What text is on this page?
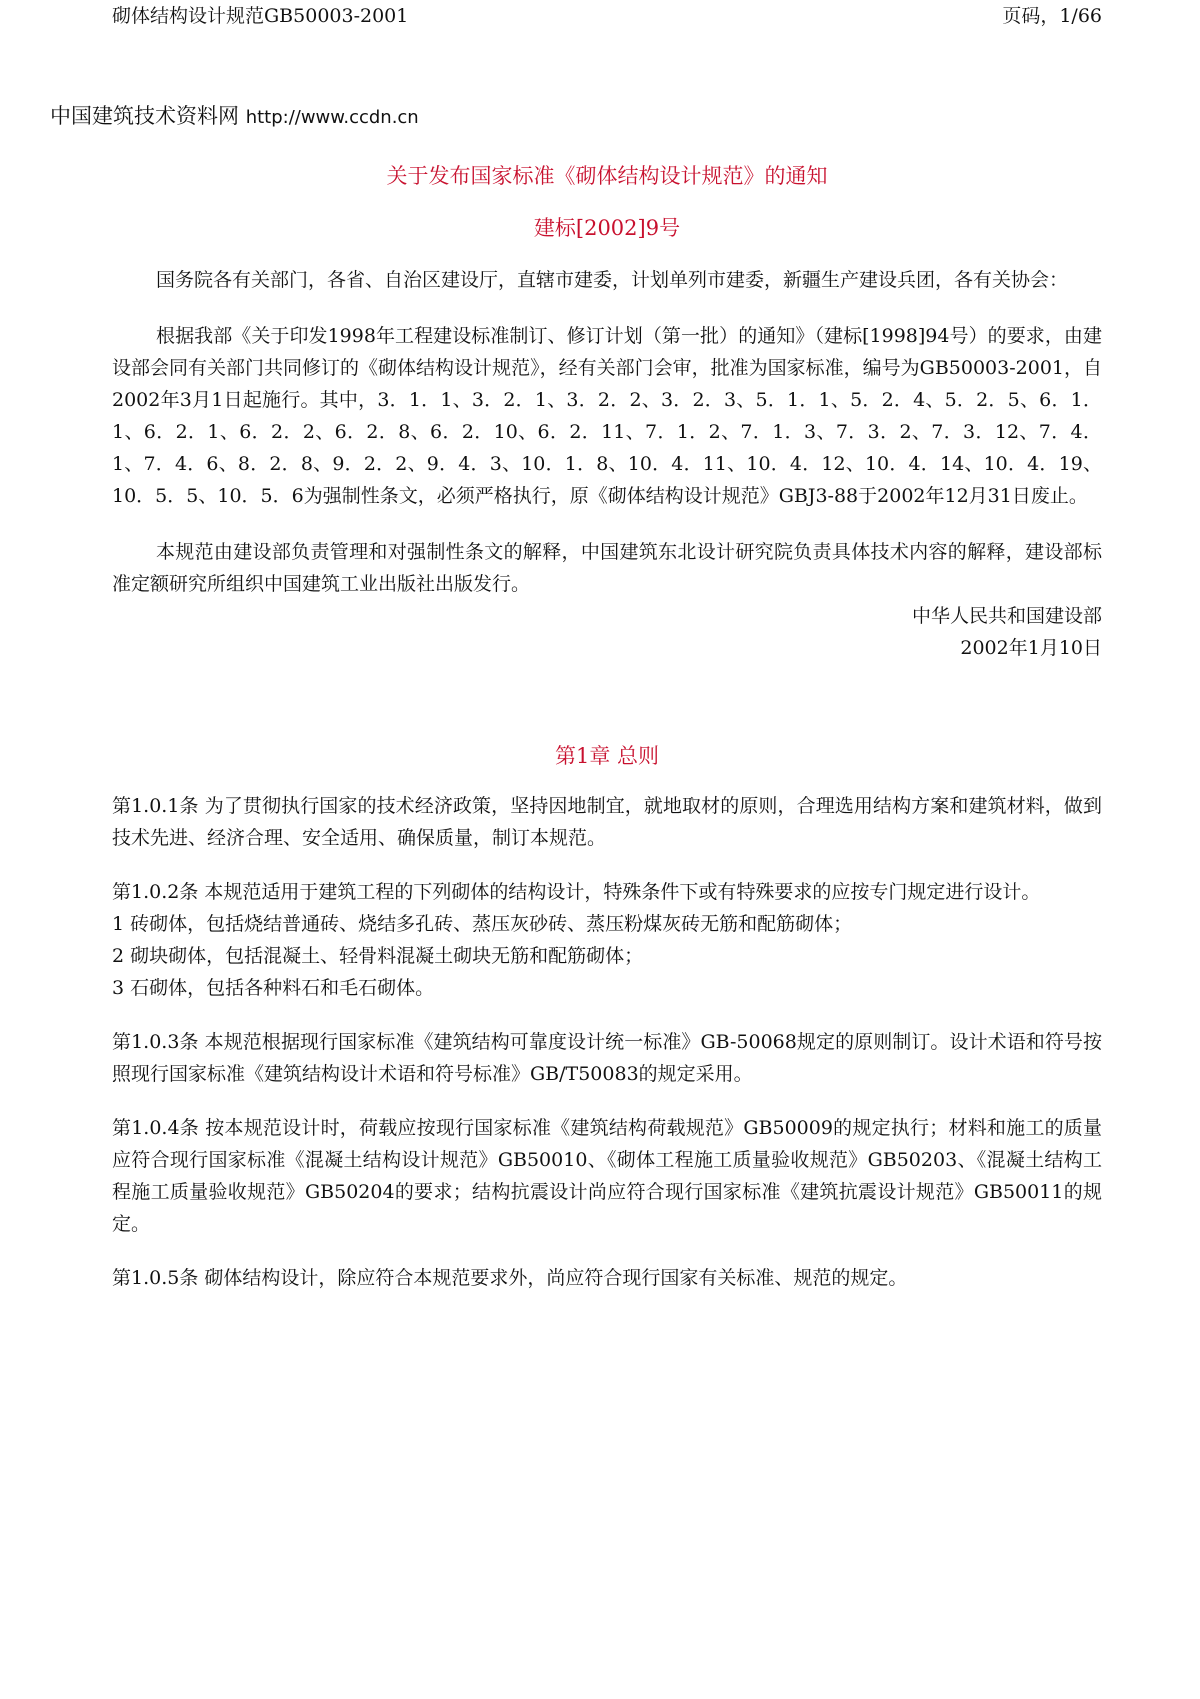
砌体结构设计规范GB50003-2001	页码，1/66
中国建筑技术资料网 http://www.ccdn.cn

关于发布国家标准《砌体结构设计规范》的通知

建标[2002]9号

国务院各有关部门，各省、自治区建设厅，直辖市建委，计划单列市建委，新疆生产建设兵团，各有关协会：

根据我部《关于印发1998年工程建设标准制订、修订计划（第一批）的通知》（建标[1998]94号）的要求，由建设部会同有关部门共同修订的《砌体结构设计规范》，经有关部门会审，批准为国家标准，编号为GB50003-2001，自2002年3月1日起施行。其中，3．1．1、3．2．1、3．2．2、3．2．3、5．1．1、5．2．4、5．2．5、6．1．1、6．2．1、6．2．2、6．2．8、6．2．10、6．2．11、7．1．2、7．1．3、7．3．2、7．3．12、7．4．1、7．4．6、8．2．8、9．2．2、9．4．3、10．1．8、10．4．11、10．4．12、10．4．14、10．4．19、10．5．5、10．5．6为强制性条文，必须严格执行，原《砌体结构设计规范》GBJ3-88于2002年12月31日废止。

本规范由建设部负责管理和对强制性条文的解释，中国建筑东北设计研究院负责具体技术内容的解释，建设部标准定额研究所组织中国建筑工业出版社出版发行。

中华人民共和国建设部

2002年1月10日

第1章 总则

第1.0.1条 为了贯彻执行国家的技术经济政策，坚持因地制宜，就地取材的原则，合理选用结构方案和建筑材料，做到技术先进、经济合理、安全适用、确保质量，制订本规范。

第1.0.2条 本规范适用于建筑工程的下列砌体的结构设计，特殊条件下或有特殊要求的应按专门规定进行设计。

1 砖砌体，包括烧结普通砖、烧结多孔砖、蒸压灰砂砖、蒸压粉煤灰砖无筋和配筋砌体；

2 砌块砌体，包括混凝土、轻骨料混凝土砌块无筋和配筋砌体；

3 石砌体，包括各种料石和毛石砌体。

第1.0.3条 本规范根据现行国家标准《建筑结构可靠度设计统一标准》GB-50068规定的原则制订。设计术语和符号按照现行国家标准《建筑结构设计术语和符号标准》GB/T50083的规定采用。

第1.0.4条 按本规范设计时，荷载应按现行国家标准《建筑结构荷载规范》GB50009的规定执行；材料和施工的质量应符合现行国家标准《混凝土结构设计规范》GB50010、《砌体工程施工质量验收规范》GB50203、《混凝土结构工程施工质量验收规范》GB50204的要求；结构抗震设计尚应符合现行国家标准《建筑抗震设计规范》GB50011的规定。

第1.0.5条 砌体结构设计，除应符合本规范要求外，尚应符合现行国家有关标准、规范的规定。
